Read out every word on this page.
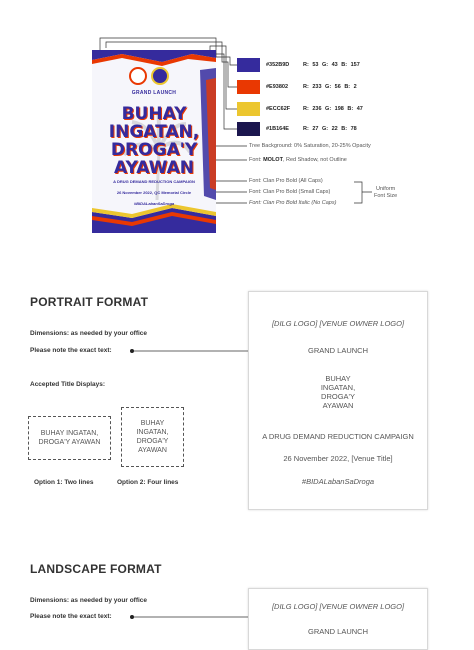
GRAND LAUNCH
BUHAY
INGATAN,
DROGA'Y
AYAWAN
A DRUG DEMAND REDUCTION CAMPAIGN
26 November 2022, QC Memorial Circle
#BIDALabanSaDroga
#352B9D	R: 53 G: 43 B: 157
#E93802	R: 233 G: 56 B: 2
#ECC62F R: 236 G: 198 B: 47
#1B164E	R: 27 G: 22 B: 78
Tree Background: 0% Saturation, 20-25% Opacity
Font: MOLOT, Red Shadow, not Outline
Font: Clan Pro Bold (All Caps)
Font: Clan Pro Bold (Small Caps)
Font: Clan Pro Bold Italic (No Caps)
Uniform
Font Size
PORTRAIT FORMAT
Dimensions: as needed by your office
Please note the exact text:
Accepted Title Displays:
BUHAY INGATAN,
DROGA'Y AYAWAN
BUHAY
INGATAN,
DROGA'Y
AYAWAN
Option 1: Two lines	Option 2: Four lines
[DILG LOGO] [VENUE OWNER LOGO]
GRAND LAUNCH
BUHAY
INGATAN,
DROGA'Y
AYAWAN
A DRUG DEMAND REDUCTION CAMPAIGN
26 November 2022, [Venue Title]
#BIDALabanSaDroga
LANDSCAPE FORMAT
Dimensions: as needed by your office
Please note the exact text:
[DILG LOGO] [VENUE OWNER LOGO]
GRAND LAUNCH
